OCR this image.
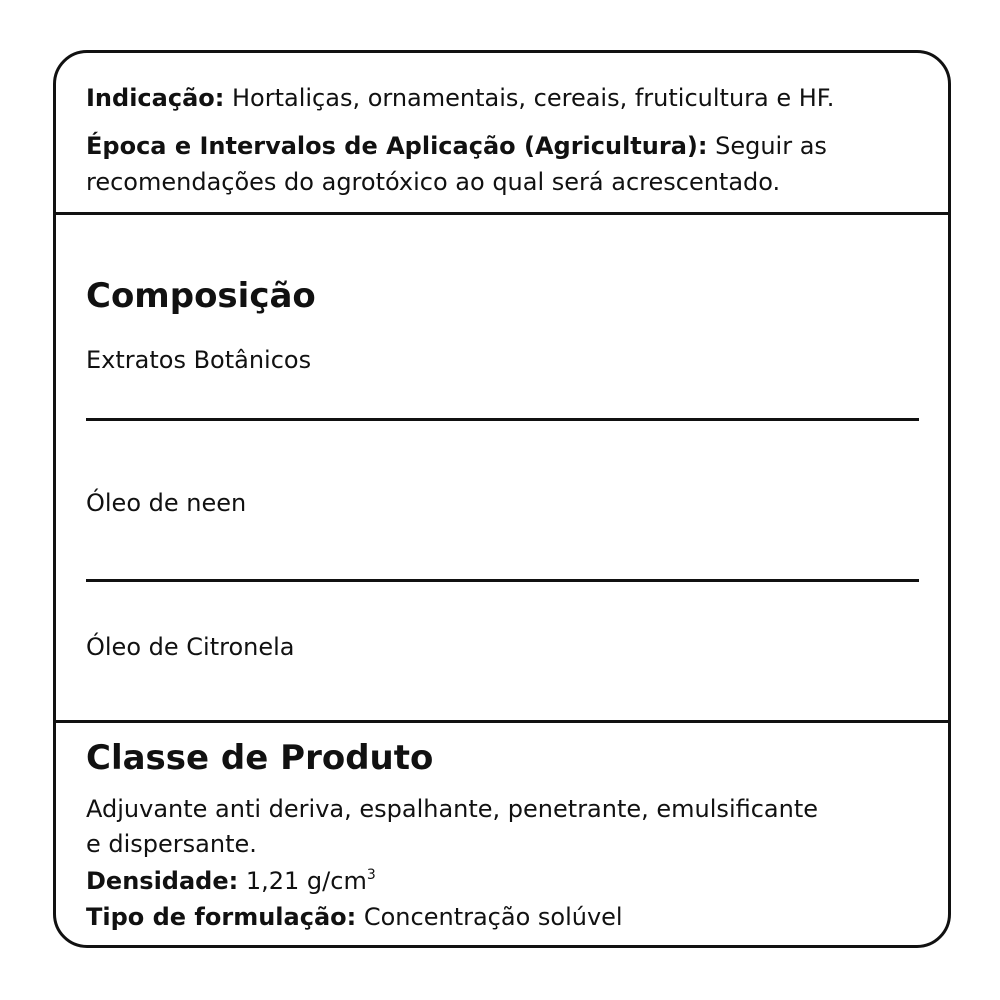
Indicação: Hortaliças, ornamentais, cereais, fruticultura e HF.
Época e Intervalos de Aplicação (Agricultura): Seguir as
recomendações do agrotóxico ao qual será acrescentado.
Composição
Extratos Botânicos
Óleo de neen
Óleo de Citronela
Classe de Produto
Adjuvante anti deriva, espalhante, penetrante, emulsificante
e dispersante.
Densidade: 1,21 $g/cm^3$
Tipo de formulação: Concentração solúvel
